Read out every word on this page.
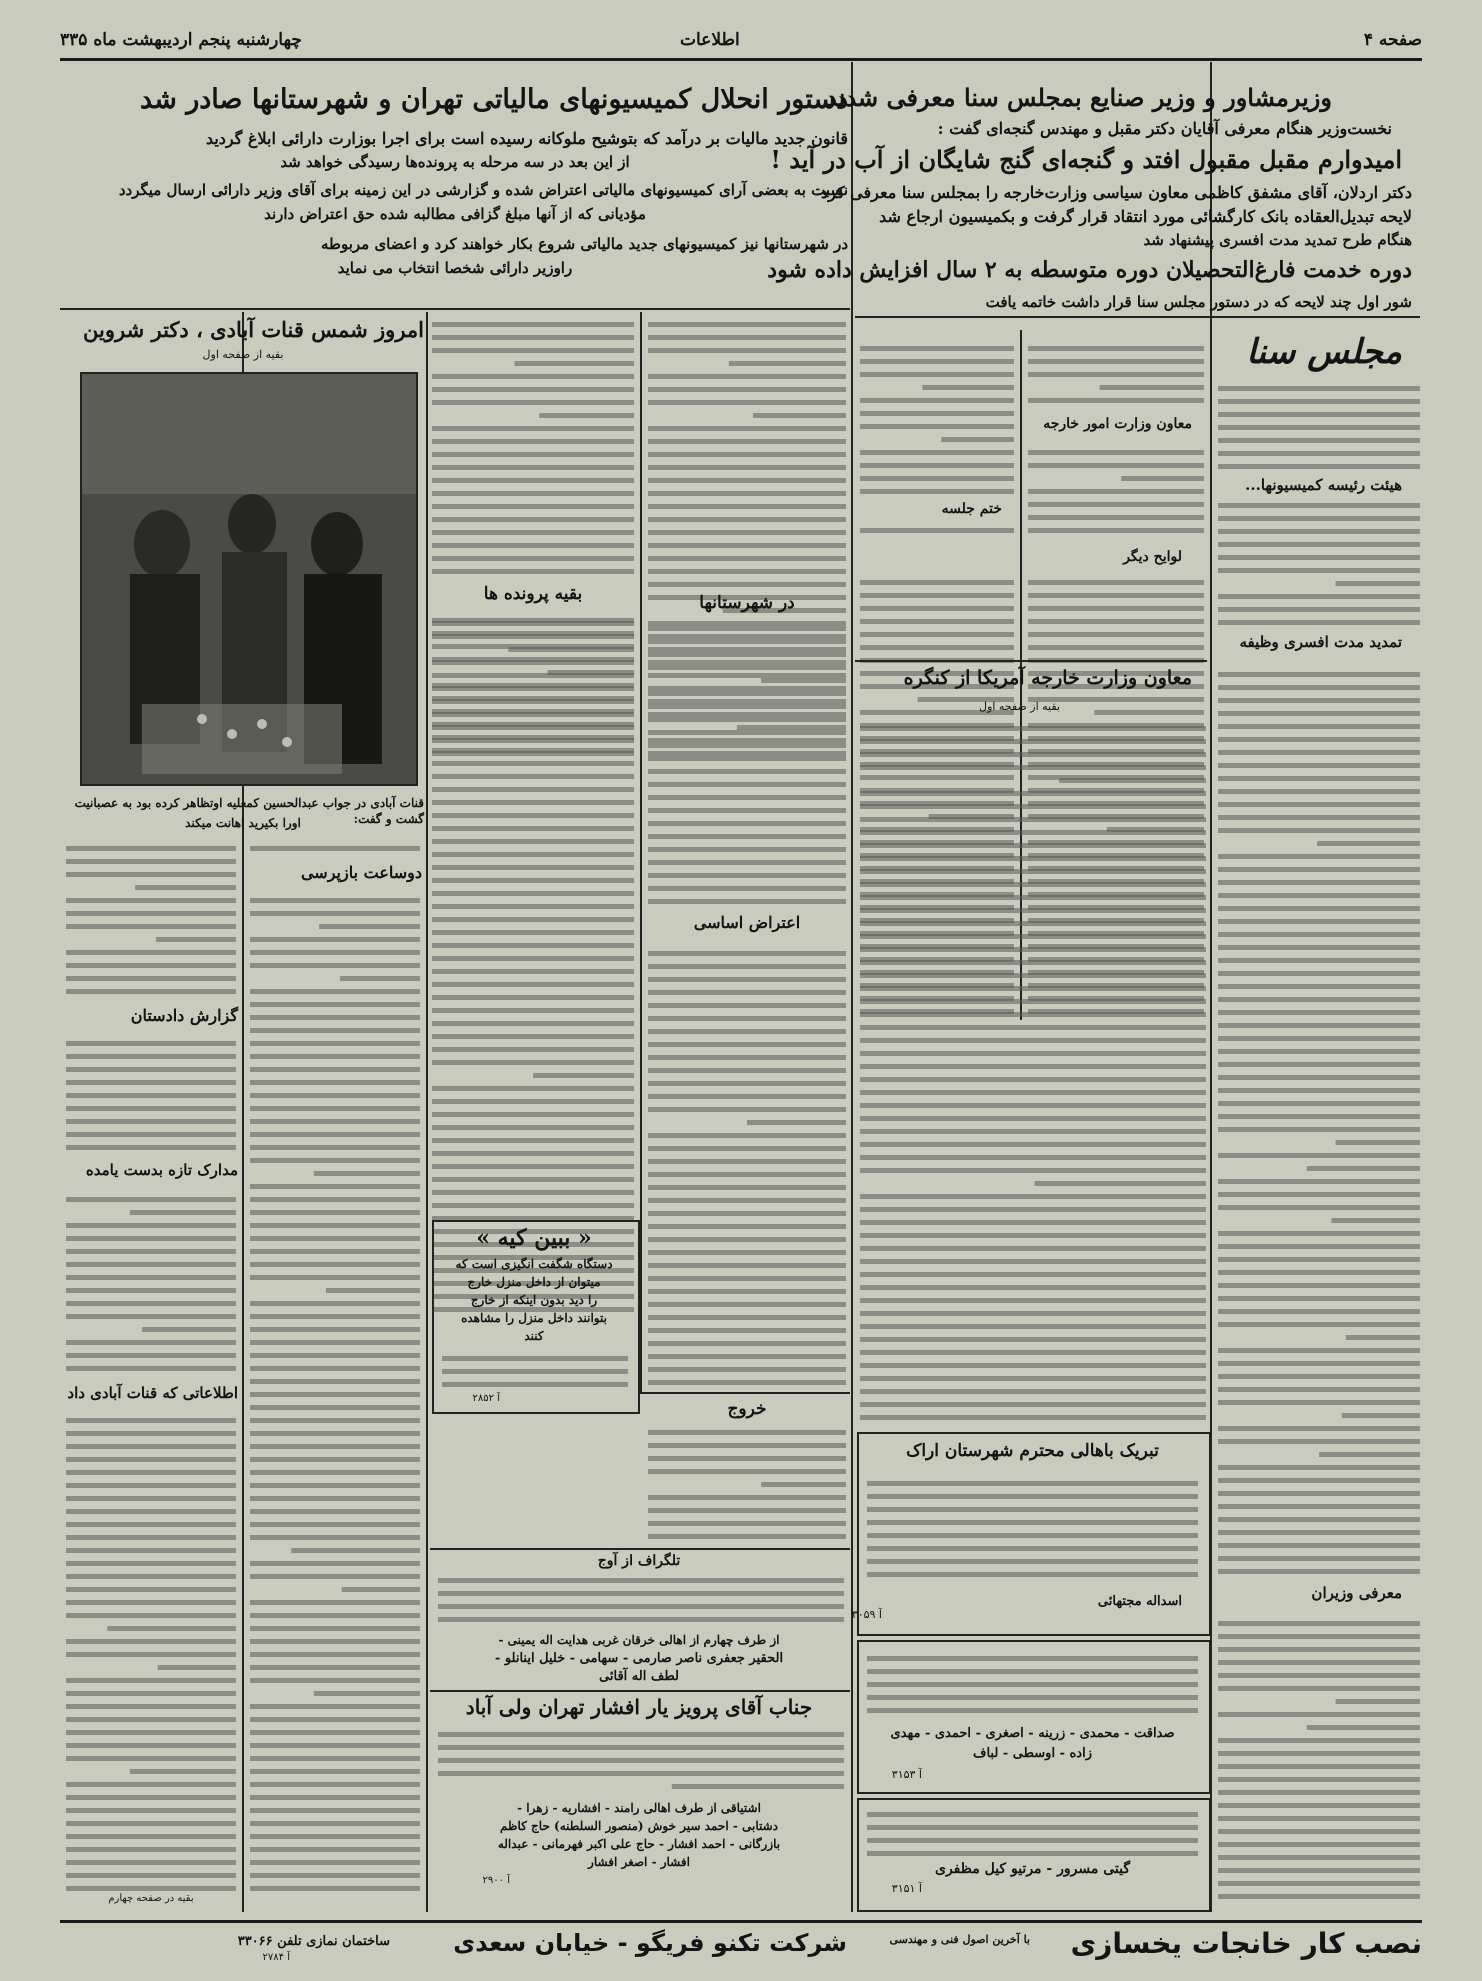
صفحه ۴
اطلاعات
چهارشنبه پنجم اردیبهشت ماه ۳۳۵
وزیرمشاور و وزیر صنایع بمجلس سنا معرفی شدند
نخست‌وزیر هنگام معرفی آقایان دکتر مقبل و مهندس گنجه‌ای گفت :
امیدوارم مقبل مقبول افتد و گنجه‌ای گنج شایگان از آب در آید !
دکتر اردلان، آقای مشفق کاظمی معاون سیاسی وزارت‌خارجه را بمجلس سنا معرفی کرد
لایحه تبدیل‌العقاده بانک کارگشائی مورد انتقاد قرار گرفت و بکمیسیون ارجاع شد
هنگام طرح تمدید مدت افسری پیشنهاد شد
دوره خدمت فارغ‌التحصیلان دوره متوسطه به ۲ سال افزایش داده شود
شور اول چند لایحه که در دستور مجلس سنا قرار داشت خاتمه یافت
مجلس سنا
هیئت رئیسه کمیسیونها...
تمدید مدت افسری وظیفه
معرفی وزیران
معاون وزارت امور خارجه
ختم جلسه
لوایح دیگر
معاون وزارت خارجه آمریکا از کنگره
بقیه از صفحه اول
تبریک باهالی محترم شهرستان اراک
اسداله مجتهائی
آ ۳۰۵۹
صداقت - محمدی - زرینه - اصغری - احمدی - مهدی
زاده - اوسطی - لباف
آ ۳۱۵۳
گیتی مسرور - مرتیو کیل مظفری
آ ۳۱۵۱
دستور انحلال کمیسیونهای مالیاتی تهران و شهرستانها صادر شد
قانون جدید مالیات بر درآمد که بتوشیح ملوکانه رسیده است برای اجرا بوزارت دارائی ابلاغ گردید
از این بعد در سه مرحله به پرونده‌ها رسیدگی خواهد شد
نسبت به بعضی آرای کمیسیونهای مالیاتی اعتراض شده و گزارشی در این زمینه برای آقای وزیر دارائی ارسال میگردد
مؤدیانی که از آنها مبلغ گزافی مطالبه شده حق اعتراض دارند
در شهرستانها نیز کمیسیونهای جدید مالیاتی شروع بکار خواهند کرد و اعضای مربوطه
راوزیر دارائی شخصا انتخاب می نماید
بقیه پرونده ها	در شهرستانها
اعتراض اساسی
امروز شمس قنات آبادی ، دکتر شروین
بقیه از صفحه اول
قنات آبادی در جواب عبدالحسین کمعلیه اوتظاهر کرده بود به عصبانیت گشت و گفت:
اورا بکیرید اهانت میکند
دوساعت بازپرسی
گزارش دادستان
مدارک تازه بدست یامده
اطلاعاتی که قنات آبادی داد
بقیه در صفحه چهارم
« ببین کیه »
دستگاه شگفت انگیزی است که
میتوان از داخل منزل خارج
را دید بدون اینکه از خارج
بتوانند داخل منزل را مشاهده
کنند
آ ۲۸۵۲
خروج
تلگراف از آوج
از طرف چهارم از اهالی خرقان غربی هدایت اله یمینی -
الحقیر جعفری ناصر صارمی - سهامی - خلیل اینانلو -
لطف اله آقائی
جناب آقای پرویز یار افشار تهران ولی آباد
اشتیاقی از طرف اهالی رامند - افشاریه - زهرا -
دشتابی - احمد سیر خوش (منصور السلطنه) حاج کاظم
بازرگانی - احمد افشار - حاج علی اکبر فهرمانی - عبداله
افشار - اصغر افشار
آ ۲۹۰۰
نصب کار خانجات یخسازی
با آخرین اصول فنی و مهندسی
شرکت تکنو فریگو - خیابان سعدی
ساختمان نمازی تلفن ۳۳۰۶۶
آ ۲۷۸۴
